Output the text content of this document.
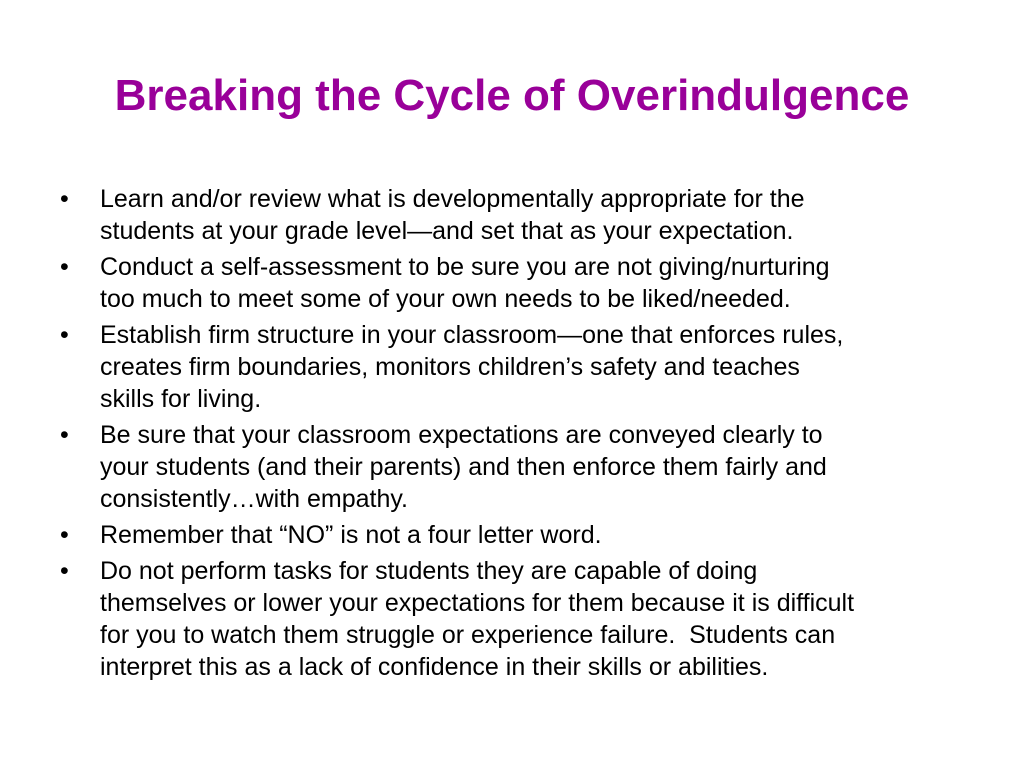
Breaking the Cycle of Overindulgence
•	Learn and/or review what is developmentally appropriate for the
students at your grade level—and set that as your expectation.
•	Conduct a self-assessment to be sure you are not giving/nurturing
too much to meet some of your own needs to be liked/needed.
•	Establish firm structure in your classroom—one that enforces rules,
creates firm boundaries, monitors children’s safety and teaches
skills for living.
•	Be sure that your classroom expectations are conveyed clearly to
your students (and their parents) and then enforce them fairly and
consistently…with empathy.
•	Remember that “NO” is not a four letter word.
•	Do not perform tasks for students they are capable of doing
themselves or lower your expectations for them because it is difficult
for you to watch them struggle or experience failure.  Students can
interpret this as a lack of confidence in their skills or abilities.
